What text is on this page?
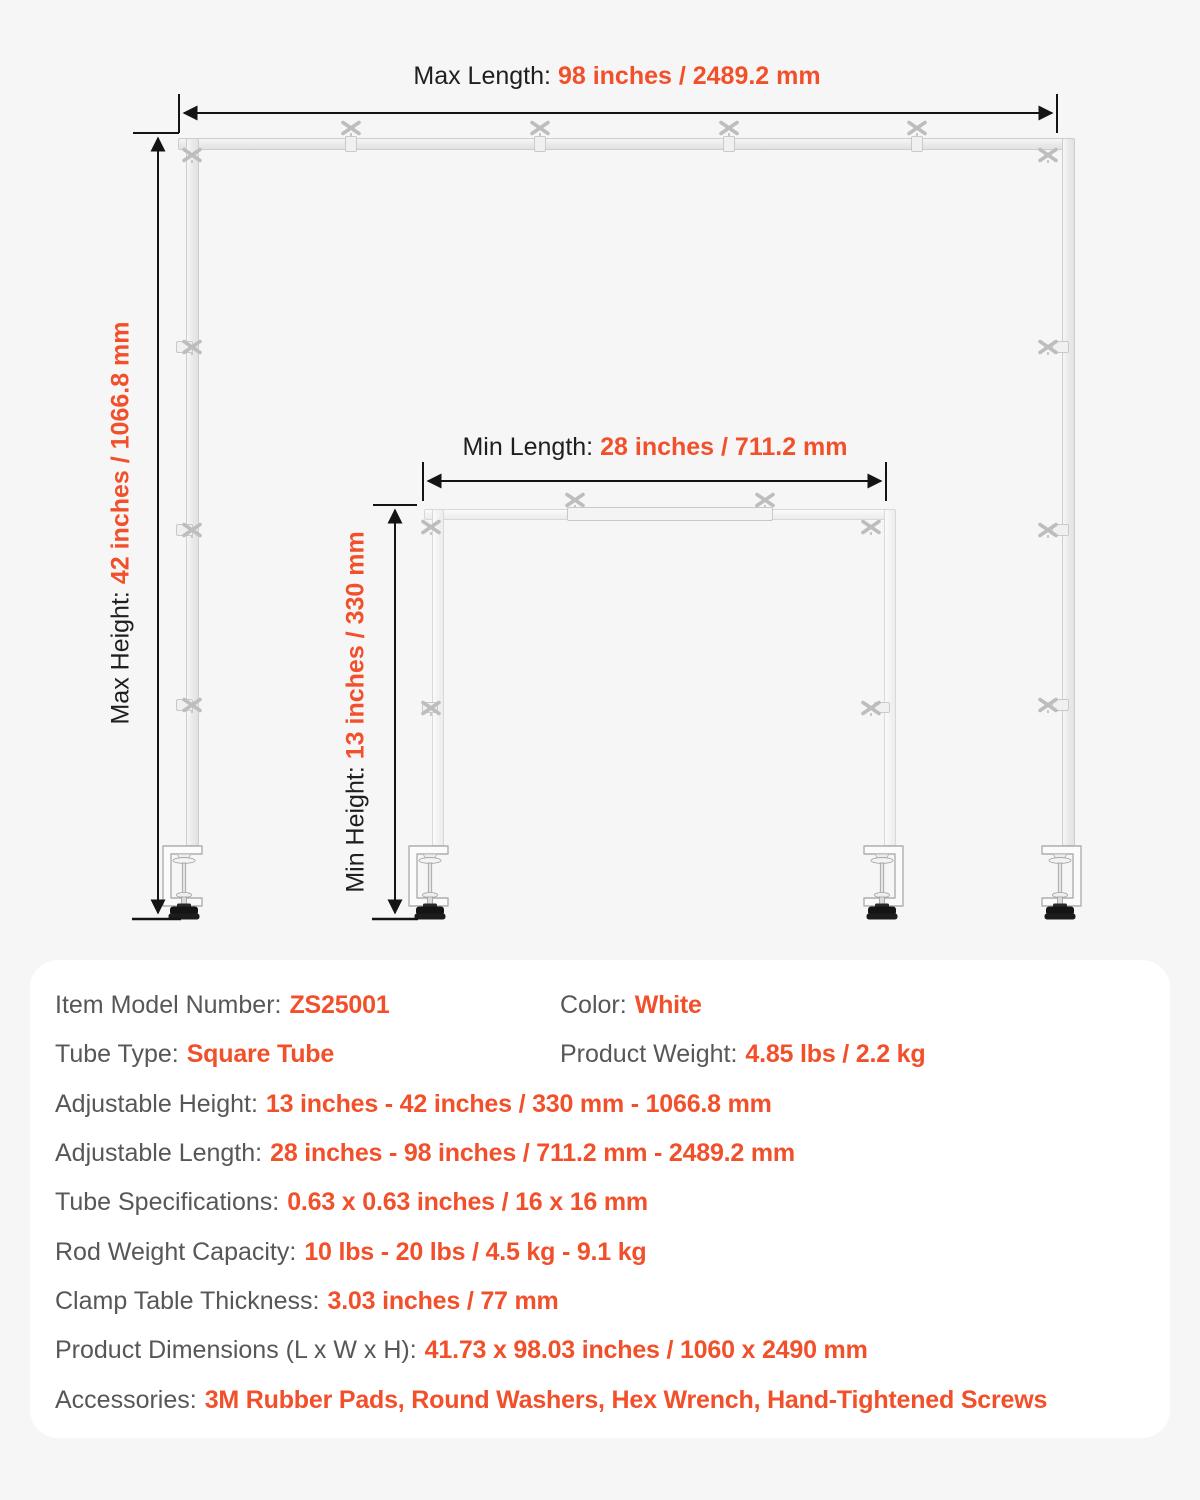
Max Length: 98 inches / 2489.2 mm
Max Height:42 inches / 1066.8 mm	Min Length: 28 inches / 711.2 mm
Min Height:13 inches / 330 mm
Item Model Number: ZS25001	Color: White
Tube Type: Square Tube	Product Weight: 4.85 lbs / 2.2 kg
Adjustable Height: 13 inches - 42 inches / 330 mm - 1066.8 mm
Adjustable Length: 28 inches - 98 inches / 711.2 mm - 2489.2 mm
Tube Specifications: 0.63 x 0.63 inches / 16 x 16 mm
Rod Weight Capacity: 10 lbs - 20 lbs / 4.5 kg - 9.1 kg
Clamp Table Thickness: 3.03 inches / 77 mm
Product Dimensions (L x W x H): 41.73 x 98.03 inches / 1060 x 2490 mm
Accessories: 3M Rubber Pads, Round Washers, Hex Wrench, Hand-Tightened Screws
